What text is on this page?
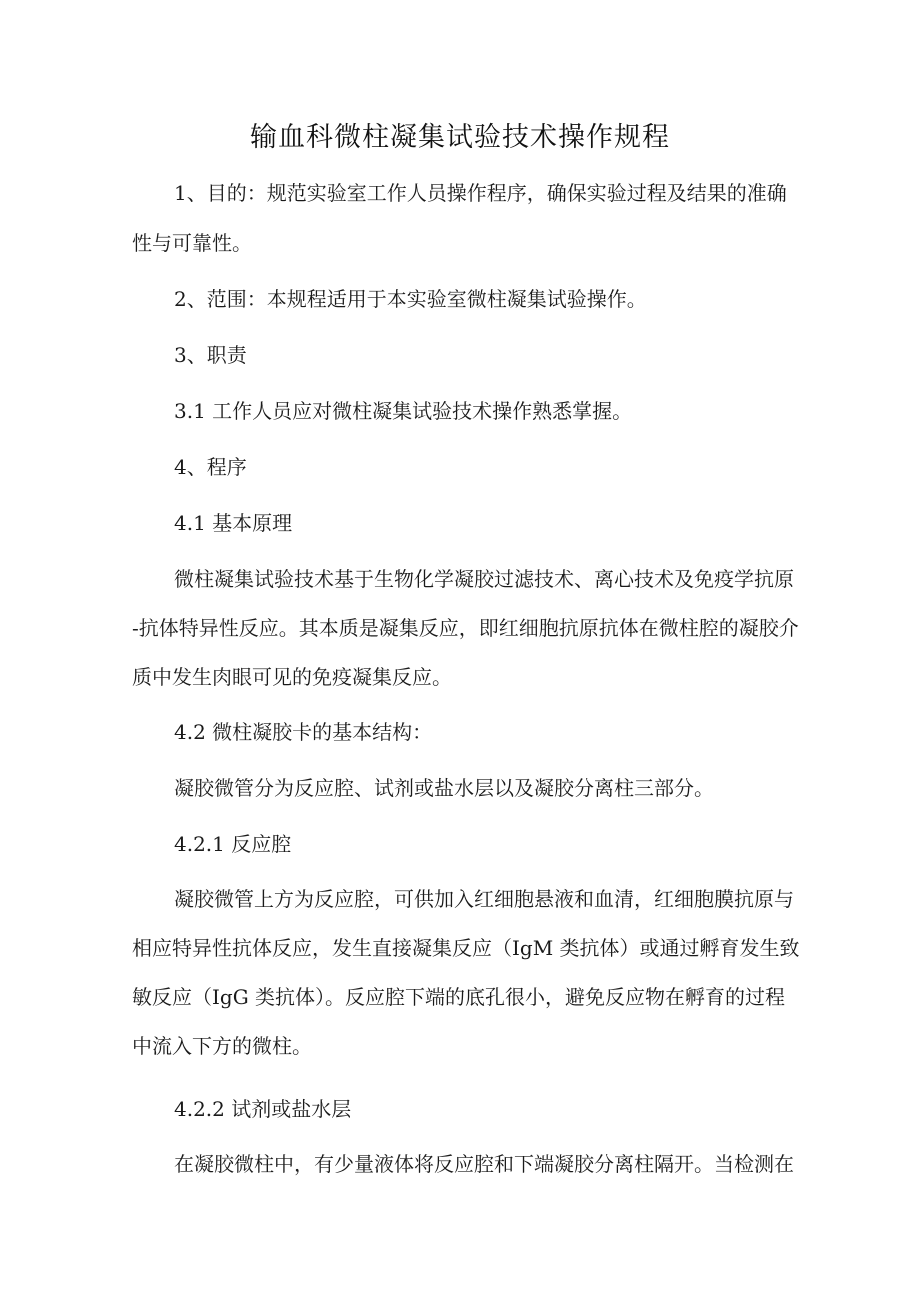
输血科微柱凝集试验技术操作规程
1、目的：规范实验室工作人员操作程序，确保实验过程及结果的准确
性与可靠性。
2、范围：本规程适用于本实验室微柱凝集试验操作。
3、职责
3.1 工作人员应对微柱凝集试验技术操作熟悉掌握。
4、程序
4.1 基本原理
微柱凝集试验技术基于生物化学凝胶过滤技术、离心技术及免疫学抗原
-抗体特异性反应。其本质是凝集反应，即红细胞抗原抗体在微柱腔的凝胶介
质中发生肉眼可见的免疫凝集反应。
4.2 微柱凝胶卡的基本结构：
凝胶微管分为反应腔、试剂或盐水层以及凝胶分离柱三部分。
4.2.1 反应腔
凝胶微管上方为反应腔，可供加入红细胞悬液和血清，红细胞膜抗原与
相应特异性抗体反应，发生直接凝集反应（IgM 类抗体）或通过孵育发生致
敏反应（IgG 类抗体）。反应腔下端的底孔很小，避免反应物在孵育的过程
中流入下方的微柱。
4.2.2 试剂或盐水层
在凝胶微柱中，有少量液体将反应腔和下端凝胶分离柱隔开。当检测在
